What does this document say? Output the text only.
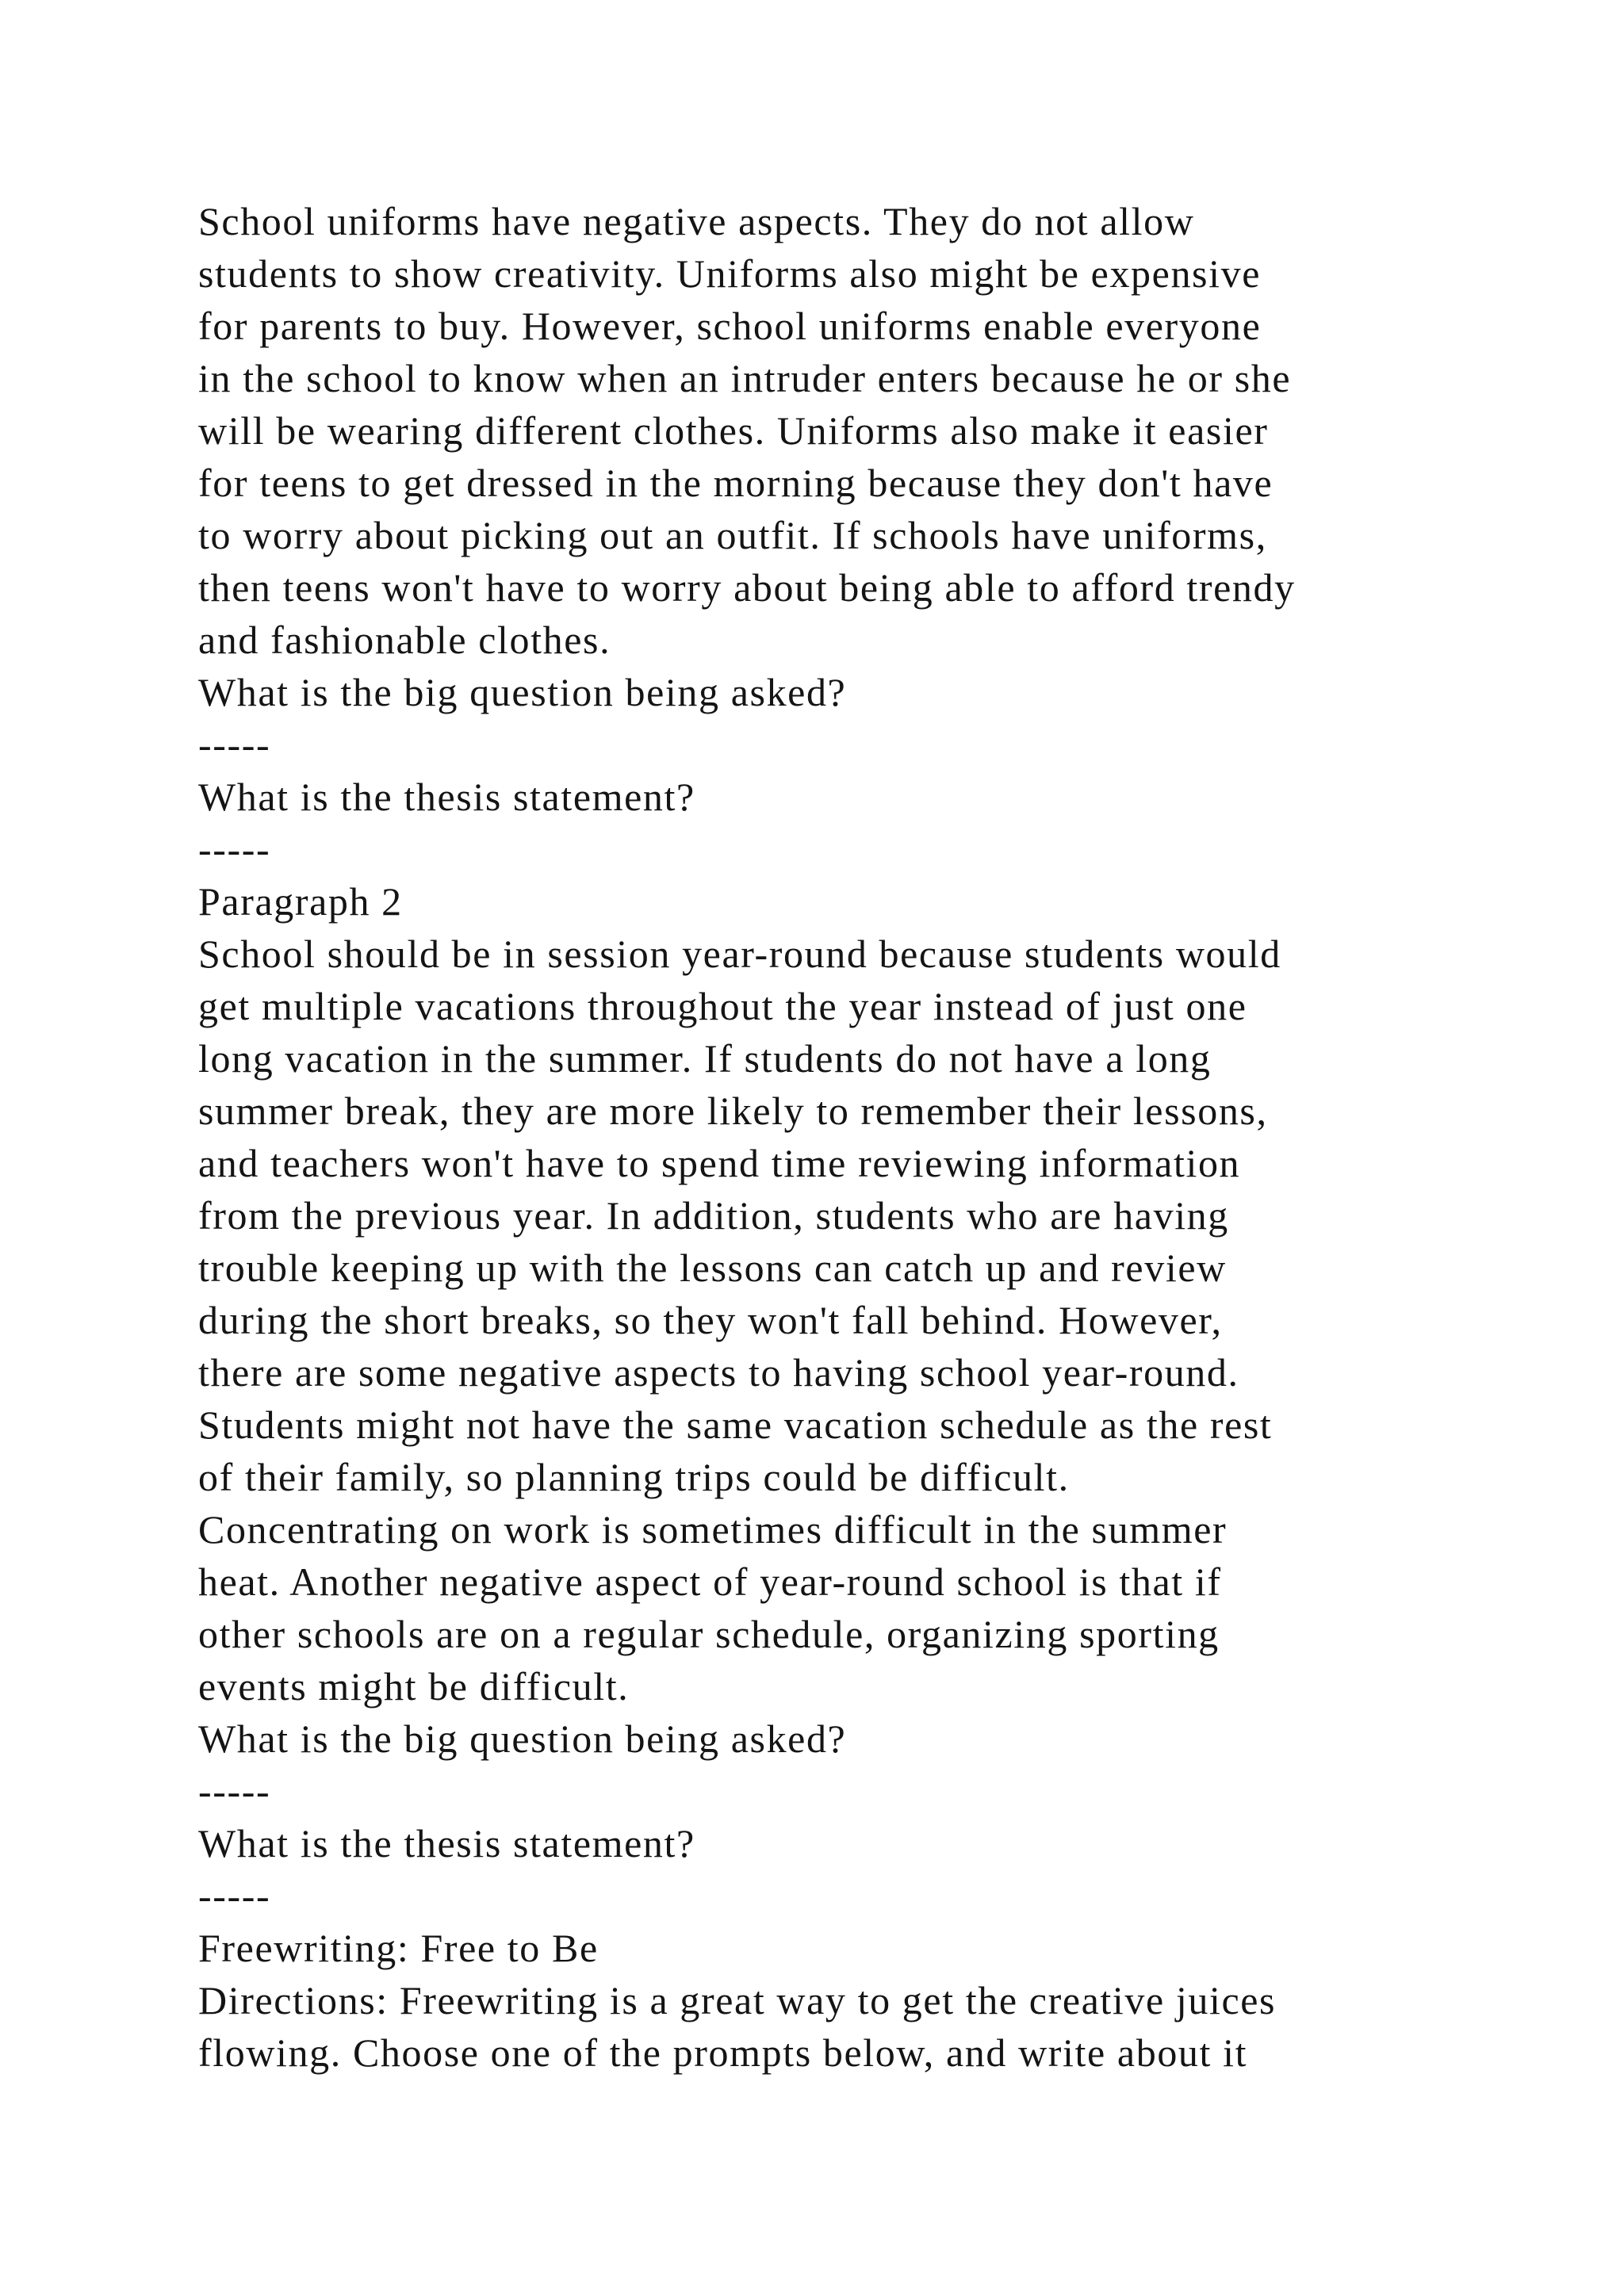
School uniforms have negative aspects. They do not allow
students to show creativity. Uniforms also might be expensive
for parents to buy. However, school uniforms enable everyone
in the school to know when an intruder enters because he or she
will be wearing different clothes. Uniforms also make it easier
for teens to get dressed in the morning because they don't have
to worry about picking out an outfit. If schools have uniforms,
then teens won't have to worry about being able to afford trendy
and fashionable clothes.
What is the big question being asked?
-----
What is the thesis statement?
-----
Paragraph 2
School should be in session year-round because students would
get multiple vacations throughout the year instead of just one
long vacation in the summer. If students do not have a long
summer break, they are more likely to remember their lessons,
and teachers won't have to spend time reviewing information
from the previous year. In addition, students who are having
trouble keeping up with the lessons can catch up and review
during the short breaks, so they won't fall behind. However,
there are some negative aspects to having school year-round.
Students might not have the same vacation schedule as the rest
of their family, so planning trips could be difficult.
Concentrating on work is sometimes difficult in the summer
heat. Another negative aspect of year-round school is that if
other schools are on a regular schedule, organizing sporting
events might be difficult.
What is the big question being asked?
-----
What is the thesis statement?
-----
Freewriting: Free to Be
Directions: Freewriting is a great way to get the creative juices
flowing. Choose one of the prompts below, and write about it
